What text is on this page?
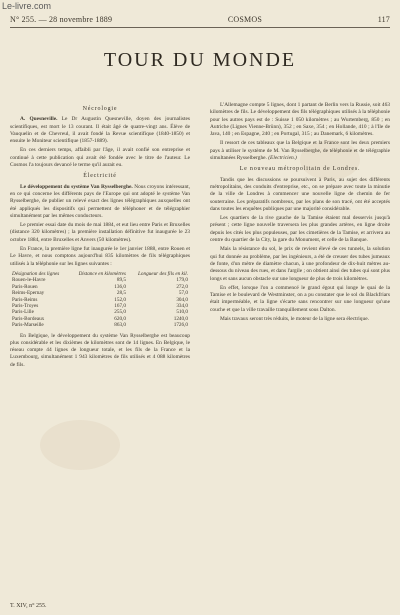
Le-livre.com
N° 255. — 28 novembre 1889	COSMOS	117
TOUR DU MONDE
Nécrologie

A. Quesneville. Le Dr Augustin Quesneville, doyen des journalistes scientifiques, est mort le 13 courant. Il était âgé de quatre-vingt ans. Élève de Vauquelin et de Chevreul, il avait fondé la Revue scientifique (1840-1850) et ensuite le Moniteur scientifique (1857-1889).

En ces derniers temps, affaibli par l'âge, il avait confié son entreprise et continué à cette publication qui avait été fondée avec le titre de l'auteur. Le Cosmos l'a toujours devancé le terme qu'il aurait eu.

Électricité

Le développement du système Van Rysselberghe. Nous croyons intéressant, en ce qui concerne les différents pays de l'Europe qui ont adopté le système Van Rysselberghe, de publier un relevé exact des lignes télégraphiques auxquelles ont été appliqués les dispositifs qui permettent de téléphoner et de télégraphier simultanément par les mêmes conducteurs.

Le premier essai date du mois de mai 1884, et eut lieu entre Paris et Bruxelles (distance 320 kilomètres) ; la première installation définitive fut inaugurée le 23 octobre 1884, entre Bruxelles et Anvers (50 kilomètres).

En France, la première ligne fut inaugurée le 1er janvier 1888, entre Rouen et Le Havre, et nous comptons aujourd'hui 835 kilomètres de fils télégraphiques utilisés à la téléphonie sur les lignes suivantes :

Désignation des lignes	Distance en kilomètres	Longueur des fils en kil.
Rouen-le-Havre	89,5	179,0
Paris-Rouen	136,0	272,0
Reims-Epernay	28,5	57,0
Paris-Reims	152,0	304,0
Paris-Troyes	167,0	334,0
Paris-Lille	255,0	510,0
Paris-Bordeaux	620,0	1240,0
Paris-Marseille	863,0	1726,0

En Belgique, le développement du système Van Rysselberghe est beaucoup plus considérable et les dixièmes de kilomètres sont de 14 lignes. En Belgique, le réseau compte 44 lignes de longueur totale, et les fils de la France et la Luxembourg, simultanément 1 943 kilomètres de fils utilisés et 4 088 kilomètres de fils.

L'Allemagne compte 5 lignes, dont 1 partant de Berlin vers la Russie, soit 463 kilomètres de fils. Le développement des fils télégraphiques utilisés à la téléphonie pour les autres pays est de : Suisse 1 050 kilomètres ; au Wurtemberg, 850 ; en Autriche (Lignes Vienne-Brünn), 352 ; en Saxe, 354 ; en Hollande, 410 ; à l'Ile de Java, 140 ; en Espagne, 240 ; en Portugal, 315 ; au Danemark, 6 kilomètres.

Il ressort de ces tableaux que la Belgique et la France sont les deux premiers pays à utiliser le système de M. Van Rysselberghe, de téléphonie et de télégraphie simultanées Rysselberghe. (Electricien.)

Le nouveau métropolitain de Londres.

Tandis que les discussions se poursuivent à Paris, au sujet des différents métropolitains, des conduits d'entreprise, etc., on se prépare avec toute la minutie de la ville de Londres à commencer une nouvelle ligne de chemin de fer souterraine. Les préparatifs nombreux, par les plans de son tracé, ont été acceptés dans toutes les enquêtes publiques par une majorité considérable.

Les quartiers de la rive gauche de la Tamise étaient mal desservis jusqu'à présent ; cette ligne nouvelle traversera les plus grandes artères, en ligne droite depuis les cités les plus populeuses, par les cimetières de la Tamise, et arrivera au centre du quartier de la City, la gare du Monument, et celle de la Banque.

Mais la résistance du sol, le prix de revient élevé de ces tunnels, la solution qui fut donnée au problème, par les ingénieurs, a été de creuser des tubes jumeaux de fonte, d'un mètre de diamètre chacun, à une profondeur de dix-huit mètres au-dessous du niveau des rues, et dans l'argile ; on obtient ainsi des tubes qui sont plus longs et sans aucun obstacle sur une longueur de plus de trois kilomètres.

En effet, lorsque l'on a commencé le grand égout qui longe le quai de la Tamise et le boulevard de Westminster, on a pu constater que le sol du Blackfriars était imperméable, et la ligne s'écarte sans rencontrer sur une longueur qu'une couche et que la ville travaille tranquillement sous Dalton.

Mais travaux seront très réduits, le moteur de la ligne sera électrique.

T. XIV, n° 255.
